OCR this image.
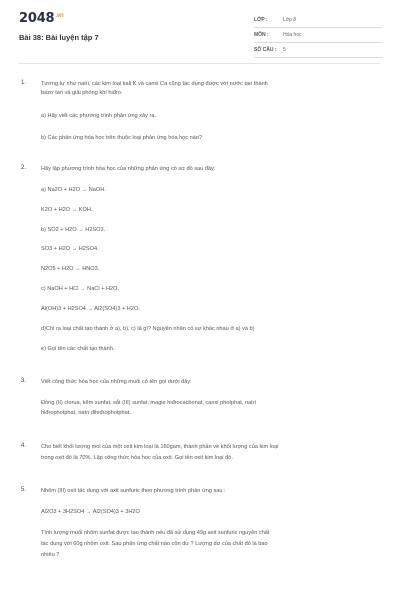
$2048^{.vn}$
Bài 38: Bài luyện tập 7
LỚP :	Lớp 8
MÔN :	Hóa học
SỐ CÂU : 5
1.	Tương tự như natri, các kim loại kali K và canxi Ca cũng tác dụng được với nước tạo thành
bazơ tan và giải phóng khí hiđro.
a) Hãy viết các phương trình phản ứng xảy ra.
b) Các phản ứng hóa học trên thuộc loại phản ứng hóa học nào?
2.	Hãy lập phương trình hóa học của những phản ứng có sơ đồ sau đây:
a) Na2O + H2O → NaOH.
K2O + H2O → KOH.
b) SO2 + H2O → H2SO3.
SO3 + H2O → H2SO4.
N2O5 + H2O → HNO3.
c) NaOH + HCl → NaCl + H2O.
Al(OH)3 + H2SO4 → Al2(SO4)3 + H2O.
d)Chỉ ra loại chất tạo thành ở a), b), c) là gì? Nguyên nhân có sự khác nhau ở a) và b)
e) Gọi tên các chất tạo thành.
3.	Viết công thức hóa học của những muối có tên gọi dưới đây:
Đồng (II) clorua, kẽm sunfat, sắt (III) sunfat, magie hiđrocacbonat, canxi photphat, natri
hiđrophotphat, natri đihiđrophotphat.
4.	Cho biết khối lượng mol của một oxit kim loại là 160gam, thành phần về khối lượng của kim loại
trong oxit đó là 70%. Lập công thức hóa học của oxit. Gọi tên oxit kim loại đó.
5.	Nhôm (III) oxit tác dụng với axit sunfuric theo phương trình phản ứng sau :
Al2O3 + 3H2SO4 → Al2(SO4)3 + 3H2O
Tính lượng muối nhôm sunfat được tạo thành nếu đã sử dụng 49g axit sunfuric nguyên chất
tác dụng với 60g nhôm oxit. Sau phản ứng chất nào còn dư ? Lượng dư của chất đó là bao
nhiêu ?
